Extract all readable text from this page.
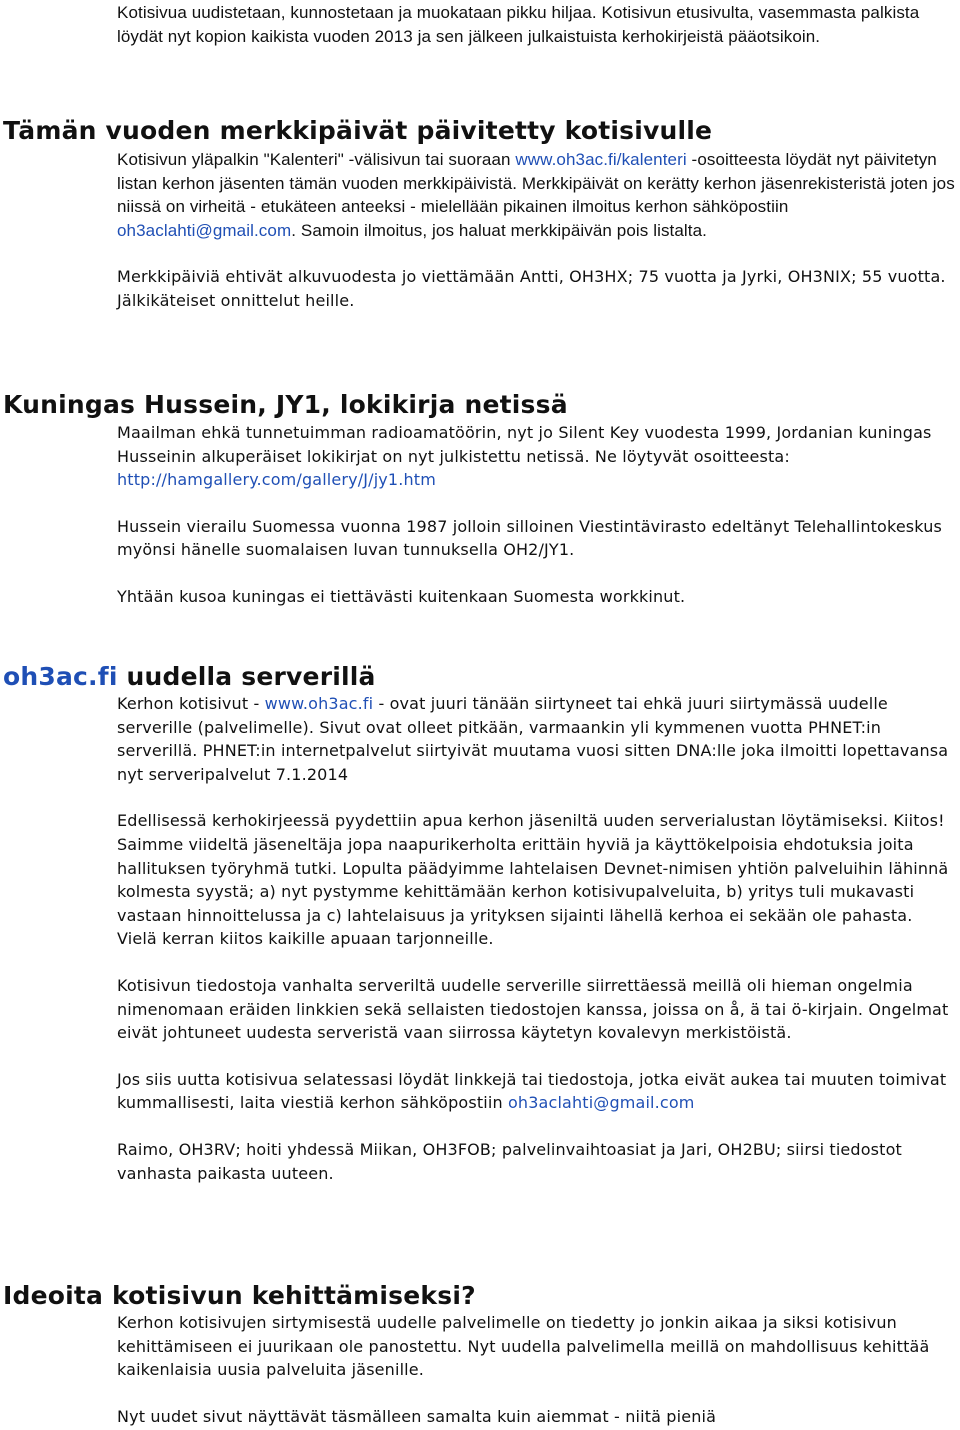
Kotisivua uudistetaan, kunnostetaan ja muokataan pikku hiljaa. Kotisivun etusivulta, vasemmasta palkista löydät nyt kopion kaikista vuoden 2013 ja sen jälkeen julkaistuista kerhokirjeistä pääotsikoin.

Tämän vuoden merkkipäivät päivitetty kotisivulle

Kotisivun yläpalkin "Kalenteri" -välisivun tai suoraan www.oh3ac.fi/kalenteri -osoitteesta löydät nyt päivitetyn listan kerhon jäsenten tämän vuoden merkkipäivistä. Merkkipäivät on kerätty kerhon jäsenrekisteristä joten jos niissä on virheitä - etukäteen anteeksi - mielellään pikainen ilmoitus kerhon sähköpostiin oh3aclahti@gmail.com. Samoin ilmoitus, jos haluat merkkipäivän pois listalta.

Merkkipäiviä ehtivät alkuvuodesta jo viettämään Antti, OH3HX; 75 vuotta ja Jyrki, OH3NIX; 55 vuotta. Jälkikäteiset onnittelut heille.

Kuningas Hussein, JY1, lokikirja netissä

Maailman ehkä tunnetuimman radioamatöörin, nyt jo Silent Key vuodesta 1999, Jordanian kuningas Husseinin alkuperäiset lokikirjat on nyt julkistettu netissä. Ne löytyvät osoitteesta: http://hamgallery.com/gallery/J/jy1.htm

Hussein vierailu Suomessa vuonna 1987 jolloin silloinen Viestintävirasto edeltänyt Telehallintokeskus myönsi hänelle suomalaisen luvan tunnuksella OH2/JY1.

Yhtään kusoa kuningas ei tiettävästi kuitenkaan Suomesta workkinut.

oh3ac.fi uudella serverillä

Kerhon kotisivut - www.oh3ac.fi - ovat juuri tänään siirtyneet tai ehkä juuri siirtymässä uudelle serverille (palvelimelle). Sivut ovat olleet pitkään, varmaankin yli kymmenen vuotta PHNET:in serverillä. PHNET:in internetpalvelut siirtyivät muutama vuosi sitten DNA:lle joka ilmoitti lopettavansa nyt serveripalvelut 7.1.2014

Edellisessä kerhokirjeessä pyydettiin apua kerhon jäseniltä uuden serverialustan löytämiseksi. Kiitos! Saimme viideltä jäseneltäja jopa naapurikerholta erittäin hyviä ja käyttökelpoisia ehdotuksia joita hallituksen työryhmä tutki. Lopulta päädyimme lahtelaisen Devnet-nimisen yhtiön palveluihin lähinnä kolmesta syystä; a) nyt pystymme kehittämään kerhon kotisivupalveluita, b) yritys tuli mukavasti vastaan hinnoittelussa ja c) lahtelaisuus ja yrityksen sijainti lähellä kerhoa ei sekään ole pahasta. Vielä kerran kiitos kaikille apuaan tarjonneille.

Kotisivun tiedostoja vanhalta serveriltä uudelle serverille siirrettäessä meillä oli hieman ongelmia nimenomaan eräiden linkkien sekä sellaisten tiedostojen kanssa, joissa on å, ä tai ö-kirjain. Ongelmat eivät johtuneet uudesta serveristä vaan siirrossa käytetyn kovalevyn merkistöistä.

Jos siis uutta kotisivua selatessasi löydät linkkejä tai tiedostoja, jotka eivät aukea tai muuten toimivat kummallisesti, laita viestiä kerhon sähköpostiin oh3aclahti@gmail.com

Raimo, OH3RV; hoiti yhdessä Miikan, OH3FOB; palvelinvaihtoasiat ja Jari, OH2BU; siirsi tiedostot vanhasta paikasta uuteen.

Ideoita kotisivun kehittämiseksi?

Kerhon kotisivujen sirtymisestä uudelle palvelimelle on tiedetty jo jonkin aikaa ja siksi kotisivun kehittämiseen ei juurikaan ole panostettu. Nyt uudella palvelimella meillä on mahdollisuus kehittää kaikenlaisia uusia palveluita jäsenille.

Nyt uudet sivut näyttävät täsmälleen samalta kuin aiemmat - niitä pieniä
